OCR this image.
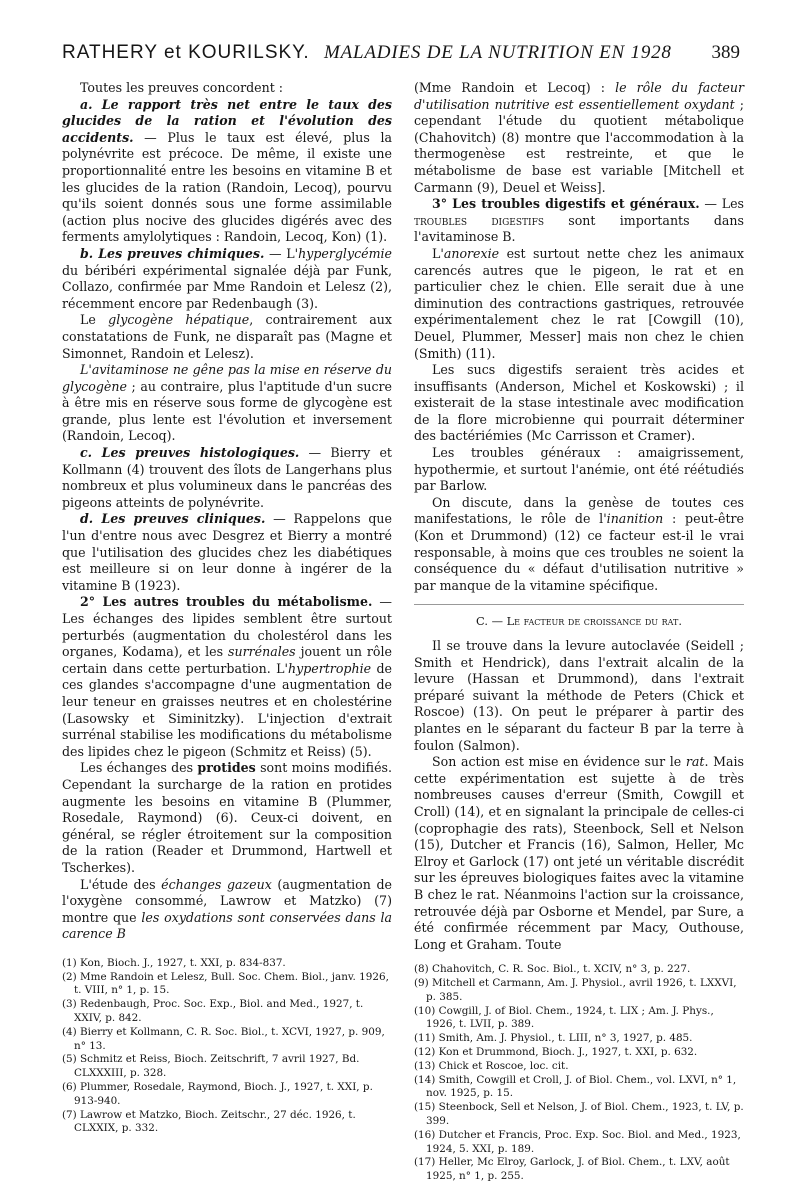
RATHERY et KOURILSKY. MALADIES DE LA NUTRITION EN 1928 389

Toutes les preuves concordent :

a. Le rapport très net entre le taux des glucides de la ration et l'évolution des accidents. — Plus le taux est élevé, plus la polynévrite est précoce. De même, il existe une proportionnalité entre les besoins en vitamine B et les glucides de la ration (Randoin, Lecoq), pourvu qu'ils soient donnés sous une forme assimilable (action plus nocive des glucides digérés avec des ferments amylolytiques : Randoin, Lecoq, Kon) (1).

b. Les preuves chimiques. — L'hyperglycémie du béribéri expérimental signalée déjà par Funk, Collazo, confirmée par Mme Randoin et Lelesz (2), récemment encore par Redenbaugh (3).

Le glycogène hépatique, contrairement aux constatations de Funk, ne disparaît pas (Magne et Simonnet, Randoin et Lelesz).

L'avitaminose ne gêne pas la mise en réserve du glycogène ; au contraire, plus l'aptitude d'un sucre à être mis en réserve sous forme de glycogène est grande, plus lente est l'évolution et inversement (Randoin, Lecoq).

c. Les preuves histologiques. — Bierry et Kollmann (4) trouvent des îlots de Langerhans plus nombreux et plus volumineux dans le pancréas des pigeons atteints de polynévrite.

d. Les preuves cliniques. — Rappelons que l'un d'entre nous avec Desgrez et Bierry a montré que l'utilisation des glucides chez les diabétiques est meilleure si on leur donne à ingérer de la vitamine B (1923).

2° Les autres troubles du métabolisme. — Les échanges des lipides semblent être surtout perturbés (augmentation du cholestérol dans les organes, Kodama), et les surrénales jouent un rôle certain dans cette perturbation. L'hypertrophie de ces glandes s'accompagne d'une augmentation de leur teneur en graisses neutres et en cholestérine (Lasowsky et Siminitzky). L'injection d'extrait surrénal stabilise les modifications du métabolisme des lipides chez le pigeon (Schmitz et Reiss) (5).

Les échanges des protides sont moins modifiés. Cependant la surcharge de la ration en protides augmente les besoins en vitamine B (Plummer, Rosedale, Raymond) (6). Ceux-ci doivent, en général, se régler étroitement sur la composition de la ration (Reader et Drummond, Hartwell et Tscherkes).

L'étude des échanges gazeux (augmentation de l'oxygène consommé, Lawrow et Matzko) (7) montre que les oxydations sont conservées dans la carence B

(1) Kon, Bioch. J., 1927, t. XXI, p. 834-837.

(2) Mme Randoin et Lelesz, Bull. Soc. Chem. Biol., janv. 1926, t. VIII, n° 1, p. 15.

(3) Redenbaugh, Proc. Soc. Exp., Biol. and Med., 1927, t. XXIV, p. 842.

(4) Bierry et Kollmann, C. R. Soc. Biol., t. XCVI, 1927, p. 909, n° 13.

(5) Schmitz et Reiss, Bioch. Zeitschrift, 7 avril 1927, Bd. CLXXXIII, p. 328.

(6) Plummer, Rosedale, Raymond, Bioch. J., 1927, t. XXI, p. 913-940.

(7) Lawrow et Matzko, Bioch. Zeitschr., 27 déc. 1926, t. CLXXIX, p. 332.

(Mme Randoin et Lecoq) : le rôle du facteur d'utilisation nutritive est essentiellement oxydant ; cependant l'étude du quotient métabolique (Chahovitch) (8) montre que l'accommodation à la thermogenèse est restreinte, et que le métabolisme de base est variable [Mitchell et Carmann (9), Deuel et Weiss].

3° Les troubles digestifs et généraux. — Les troubles digestifs sont importants dans l'avitaminose B.

L'anorexie est surtout nette chez les animaux carencés autres que le pigeon, le rat et en particulier chez le chien. Elle serait due à une diminution des contractions gastriques, retrouvée expérimentalement chez le rat [Cowgill (10), Deuel, Plummer, Messer] mais non chez le chien (Smith) (11).

Les sucs digestifs seraient très acides et insuffisants (Anderson, Michel et Koskowski) ; il existerait de la stase intestinale avec modification de la flore microbienne qui pourrait déterminer des bactériémies (Mc Carrisson et Cramer).

Les troubles généraux : amaigrissement, hypothermie, et surtout l'anémie, ont été réétudiés par Barlow.

On discute, dans la genèse de toutes ces manifestations, le rôle de l'inanition : peut-être (Kon et Drummond) (12) ce facteur est-il le vrai responsable, à moins que ces troubles ne soient la conséquence du « défaut d'utilisation nutritive » par manque de la vitamine spécifique.

C. — Le facteur de croissance du rat.

Il se trouve dans la levure autoclavée (Seidell ; Smith et Hendrick), dans l'extrait alcalin de la levure (Hassan et Drummond), dans l'extrait préparé suivant la méthode de Peters (Chick et Roscoe) (13). On peut le préparer à partir des plantes en le séparant du facteur B par la terre à foulon (Salmon).

Son action est mise en évidence sur le rat. Mais cette expérimentation est sujette à de très nombreuses causes d'erreur (Smith, Cowgill et Croll) (14), et en signalant la principale de celles-ci (coprophagie des rats), Steenbock, Sell et Nelson (15), Dutcher et Francis (16), Salmon, Heller, Mc Elroy et Garlock (17) ont jeté un véritable discrédit sur les épreuves biologiques faites avec la vitamine B chez le rat. Néanmoins l'action sur la croissance, retrouvée déjà par Osborne et Mendel, par Sure, a été confirmée récemment par Macy, Outhouse, Long et Graham. Toute

(8) Chahovitch, C. R. Soc. Biol., t. XCIV, n° 3, p. 227.

(9) Mitchell et Carmann, Am. J. Physiol., avril 1926, t. LXXVI, p. 385.

(10) Cowgill, J. of Biol. Chem., 1924, t. LIX ; Am. J. Phys., 1926, t. LVII, p. 389.

(11) Smith, Am. J. Physiol., t. LIII, n° 3, 1927, p. 485.

(12) Kon et Drummond, Bioch. J., 1927, t. XXI, p. 632.

(13) Chick et Roscoe, loc. cit.

(14) Smith, Cowgill et Croll, J. of Biol. Chem., vol. LXVI, n° 1, nov. 1925, p. 15.

(15) Steenbock, Sell et Nelson, J. of Biol. Chem., 1923, t. LV, p. 399.

(16) Dutcher et Francis, Proc. Exp. Soc. Biol. and Med., 1923, 1924, 5. XXI, p. 189.

(17) Heller, Mc Elroy, Garlock, J. of Biol. Chem., t. LXV, août 1925, n° 1, p. 255.
